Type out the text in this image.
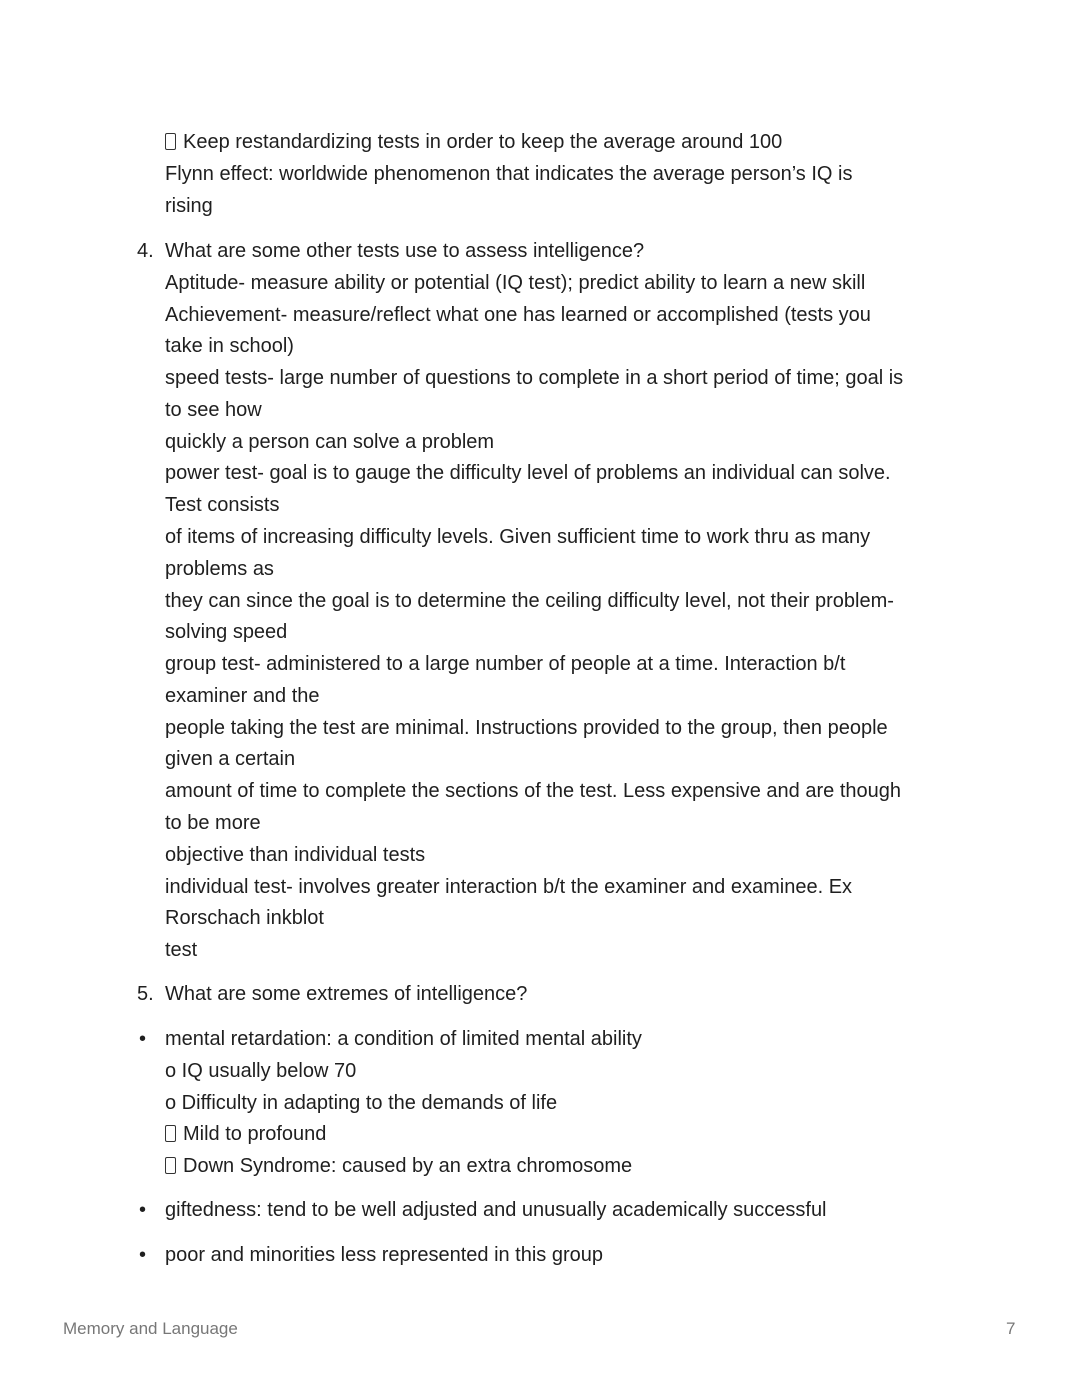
Keep restandardizing tests in order to keep the average around 100
Flynn effect: worldwide phenomenon that indicates the average person’s IQ is
rising
4. What are some other tests use to assess intelligence?
Aptitude- measure ability or potential (IQ test); predict ability to learn a new skill
Achievement- measure/reflect what one has learned or accomplished (tests you
take in school)
speed tests- large number of questions to complete in a short period of time; goal is
to see how
quickly a person can solve a problem
power test- goal is to gauge the difficulty level of problems an individual can solve.
Test consists
of items of increasing difficulty levels. Given sufficient time to work thru as many
problems as
they can since the goal is to determine the ceiling difficulty level, not their problem-
solving speed
group test- administered to a large number of people at a time. Interaction b/t
examiner and the
people taking the test are minimal. Instructions provided to the group, then people
given a certain
amount of time to complete the sections of the test. Less expensive and are though
to be more
objective than individual tests
individual test- involves greater interaction b/t the examiner and examinee. Ex
Rorschach inkblot
test
5. What are some extremes of intelligence?
• mental retardation: a condition of limited mental ability
o IQ usually below 70
o Difficulty in adapting to the demands of life
Mild to profound
Down Syndrome: caused by an extra chromosome
• giftedness: tend to be well adjusted and unusually academically successful
• poor and minorities less represented in this group
Memory and Language	7
